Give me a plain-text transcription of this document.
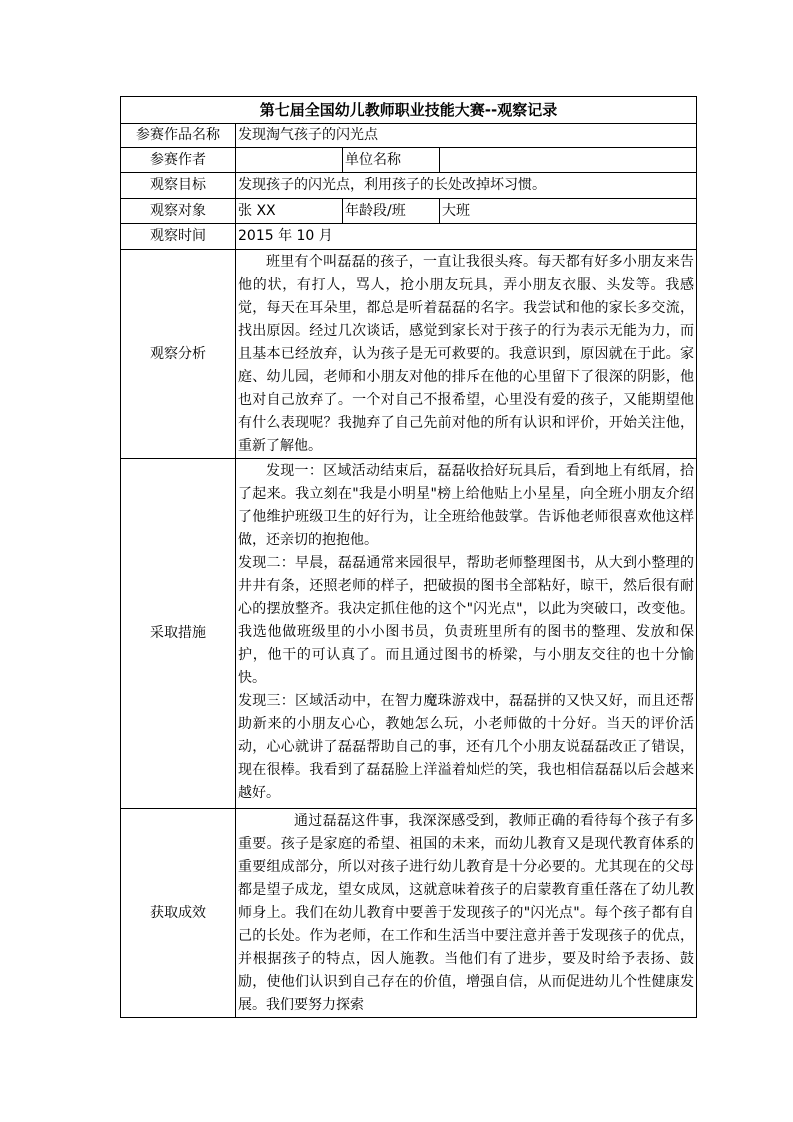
第七届全国幼儿教师职业技能大赛--观察记录			
参赛作品名称	发现淘气孩子的闪光点		
参赛作者		单位名称	
观察目标	发现孩子的闪光点，利用孩子的长处改掉坏习惯。		
观察对象	张 XX	年龄段/班	大班
观察时间	2015 年 10 月		
观察分析	班里有个叫磊磊的孩子，一直让我很头疼。每天都有好多小朋友来告他的状，有打人，骂人，抢小朋友玩具，弄小朋友衣服、头发等。我感觉，每天在耳朵里，都总是听着磊磊的名字。我尝试和他的家长多交流，找出原因。经过几次谈话，感觉到家长对于孩子的行为表示无能为力，而且基本已经放弃，认为孩子是无可救要的。我意识到，原因就在于此。家庭、幼儿园，老师和小朋友对他的排斥在他的心里留下了很深的阴影，他也对自己放弃了。一个对自己不报希望，心里没有爱的孩子，又能期望他有什么表现呢？我抛弃了自己先前对他的所有认识和评价，开始关注他，重新了解他。		

采取措施	发现一：区域活动结束后，磊磊收拾好玩具后，看到地上有纸屑，拾了起来。我立刻在"我是小明星"榜上给他贴上小星星，向全班小朋友介绍了他维护班级卫生的好行为，让全班给他鼓掌。告诉他老师很喜欢他这样做，还亲切的抱抱他。

发现二：早晨，磊磊通常来园很早，帮助老师整理图书，从大到小整理的井井有条，还照老师的样子，把破损的图书全部粘好，晾干，然后很有耐心的摆放整齐。我决定抓住他的这个"闪光点"，以此为突破口，改变他。我选他做班级里的小小图书员，负责班里所有的图书的整理、发放和保护，他干的可认真了。而且通过图书的桥梁，与小朋友交往的也十分愉快。

发现三：区域活动中，在智力魔珠游戏中，磊磊拼的又快又好，而且还帮助新来的小朋友心心，教她怎么玩，小老师做的十分好。当天的评价活动，心心就讲了磊磊帮助自己的事，还有几个小朋友说磊磊改正了错误，现在很棒。我看到了磊磊脸上洋溢着灿烂的笑，我也相信磊磊以后会越来越好。		

获取成效	通过磊磊这件事，我深深感受到，教师正确的看待每个孩子有多重要。孩子是家庭的希望、祖国的未来，而幼儿教育又是现代教育体系的重要组成部分，所以对孩子进行幼儿教育是十分必要的。尤其现在的父母都是望子成龙，望女成凤，这就意味着孩子的启蒙教育重任落在了幼儿教师身上。我们在幼儿教育中要善于发现孩子的"闪光点"。每个孩子都有自己的长处。作为老师，在工作和生活当中要注意并善于发现孩子的优点，并根据孩子的特点，因人施教。当他们有了进步，要及时给予表扬、鼓励，使他们认识到自己存在的价值，增强自信，从而促进幼儿个性健康发展。我们要努力探索		
